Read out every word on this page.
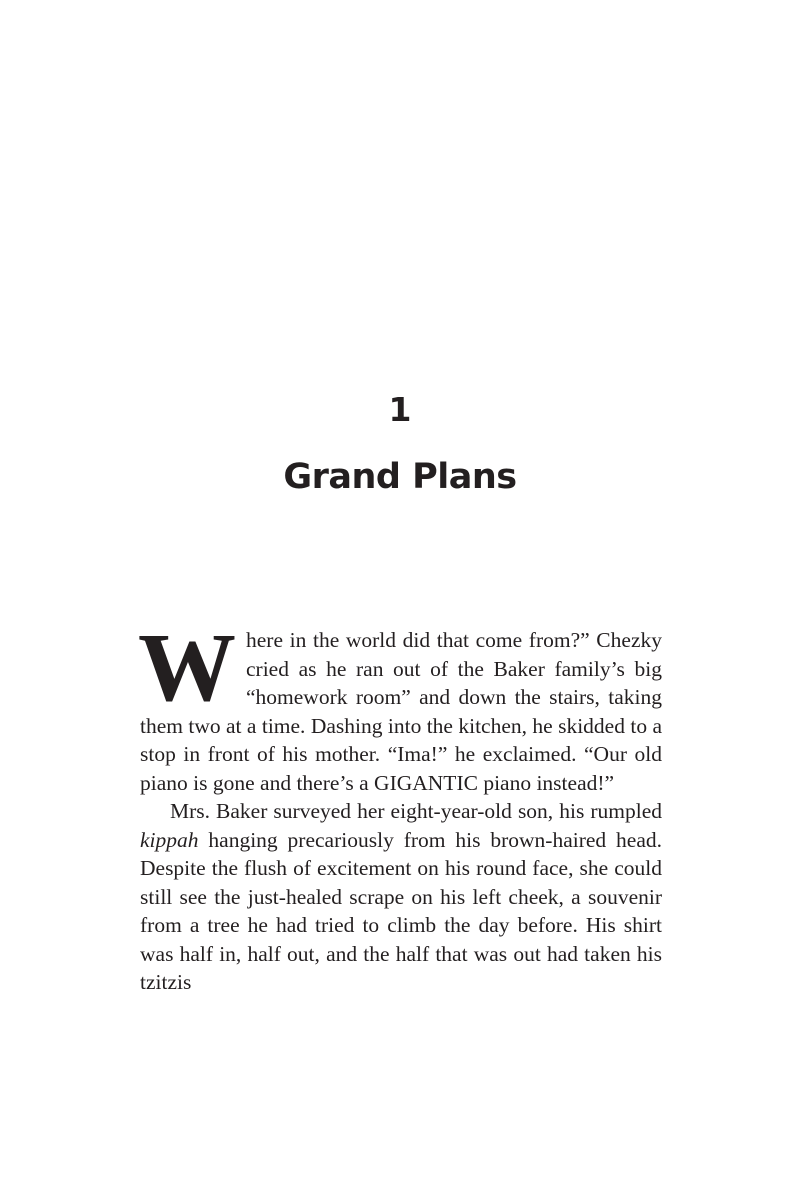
1
Grand Plans

Where in the world did that come from?” Chezky cried as he ran out of the Baker family’s big “homework room” and down the stairs, taking them two at a time. Dashing into the kitchen, he skidded to a stop in front of his mother. “Ima!” he exclaimed. “Our old piano is gone and there’s a GIGANTIC piano instead!”

Mrs. Baker surveyed her eight-year-old son, his rumpled kippah hanging precariously from his brown-haired head. Despite the flush of excitement on his round face, she could still see the just-healed scrape on his left cheek, a souvenir from a tree he had tried to climb the day before. His shirt was half in, half out, and the half that was out had taken his tzitzis
